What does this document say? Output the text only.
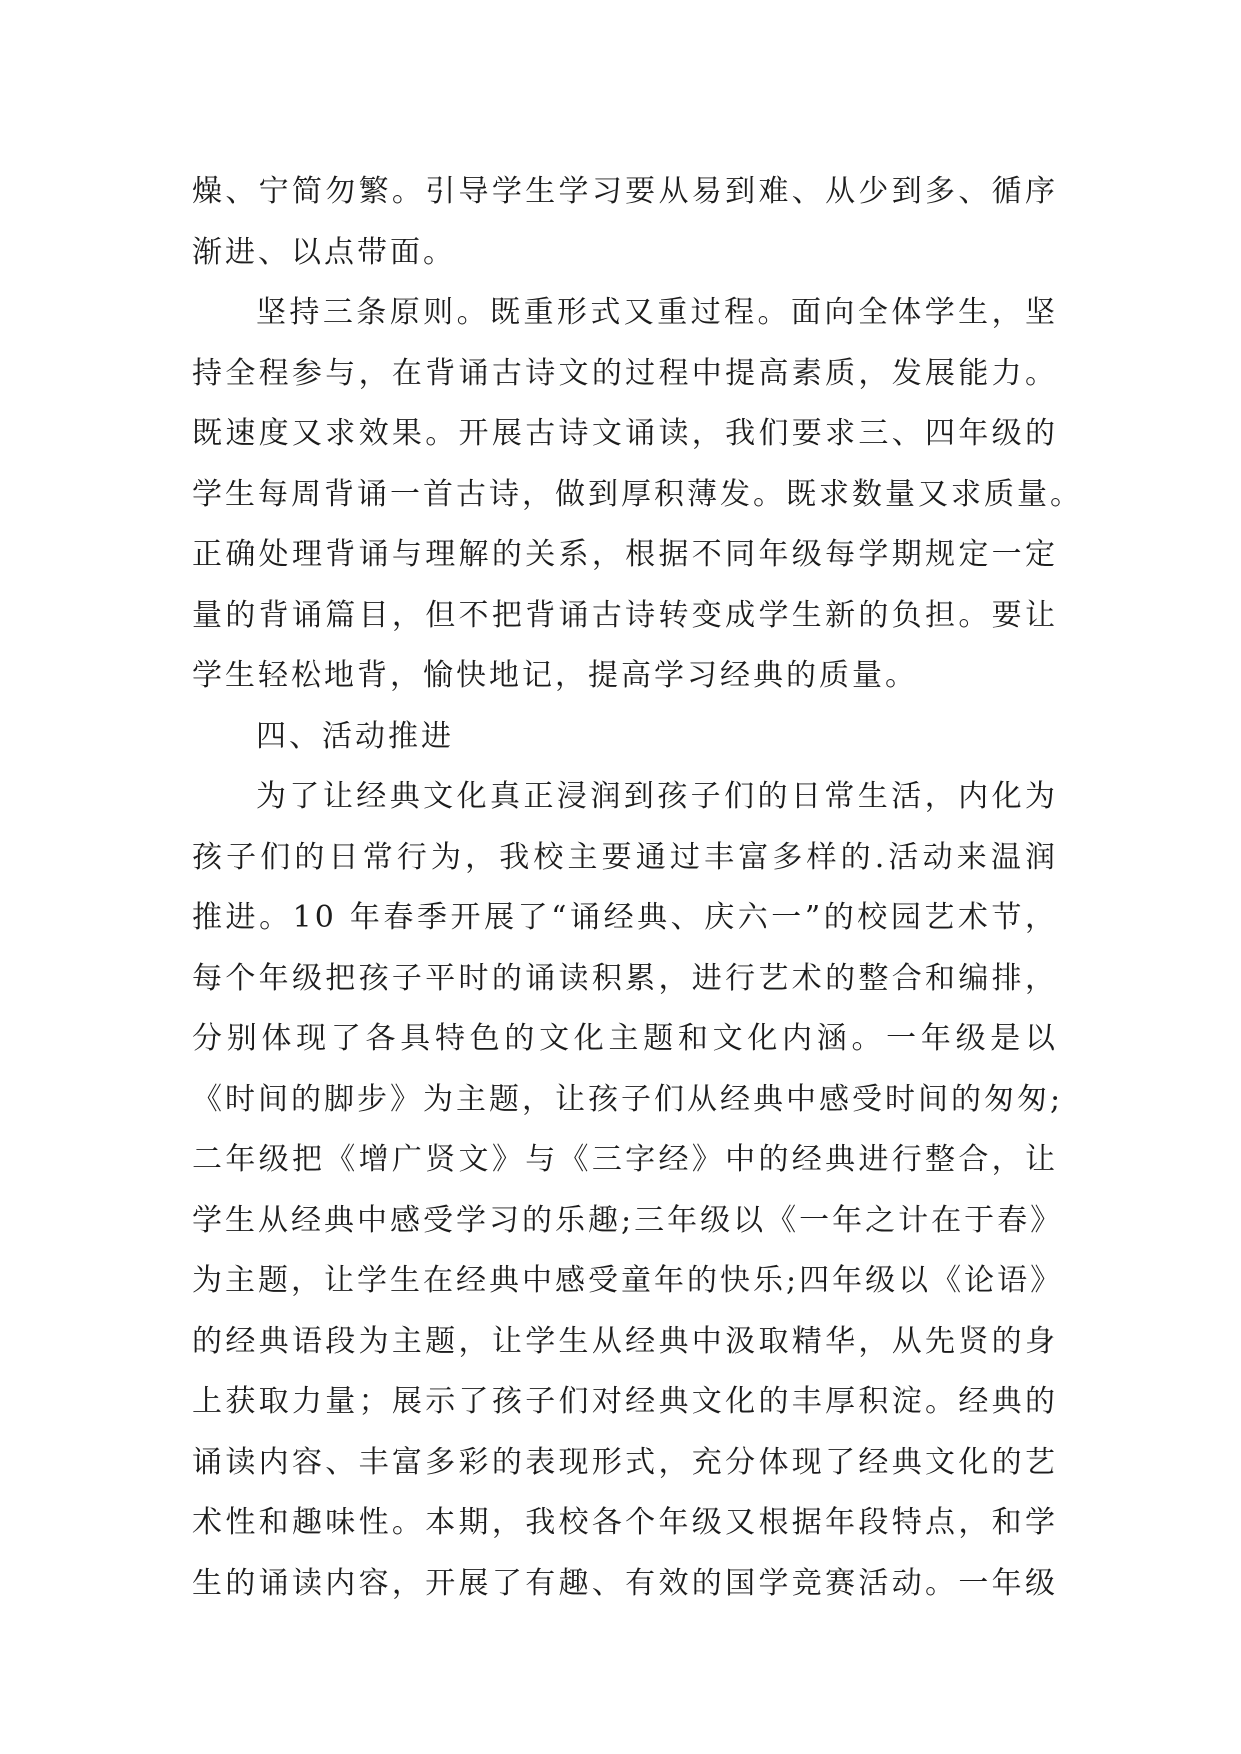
燥、宁简勿繁。引导学生学习要从易到难、从少到多、循序
渐进、以点带面。
坚持三条原则。既重形式又重过程。面向全体学生，坚
持全程参与，在背诵古诗文的过程中提高素质，发展能力。
既速度又求效果。开展古诗文诵读，我们要求三、四年级的
学生每周背诵一首古诗，做到厚积薄发。既求数量又求质量。
正确处理背诵与理解的关系，根据不同年级每学期规定一定
量的背诵篇目，但不把背诵古诗转变成学生新的负担。要让
学生轻松地背，愉快地记，提高学习经典的质量。
四、活动推进
为了让经典文化真正浸润到孩子们的日常生活，内化为
孩子们的日常行为，我校主要通过丰富多样的.活动来温润
推进。10 年春季开展了“诵经典、庆六一”的校园艺术节，
每个年级把孩子平时的诵读积累，进行艺术的整合和编排，
分别体现了各具特色的文化主题和文化内涵。一年级是以
《时间的脚步》为主题，让孩子们从经典中感受时间的匆匆;
二年级把《增广贤文》与《三字经》中的经典进行整合，让
学生从经典中感受学习的乐趣;三年级以《一年之计在于春》
为主题，让学生在经典中感受童年的快乐;四年级以《论语》
的经典语段为主题，让学生从经典中汲取精华，从先贤的身
上获取力量；展示了孩子们对经典文化的丰厚积淀。经典的
诵读内容、丰富多彩的表现形式，充分体现了经典文化的艺
术性和趣味性。本期，我校各个年级又根据年段特点，和学
生的诵读内容，开展了有趣、有效的国学竞赛活动。一年级
